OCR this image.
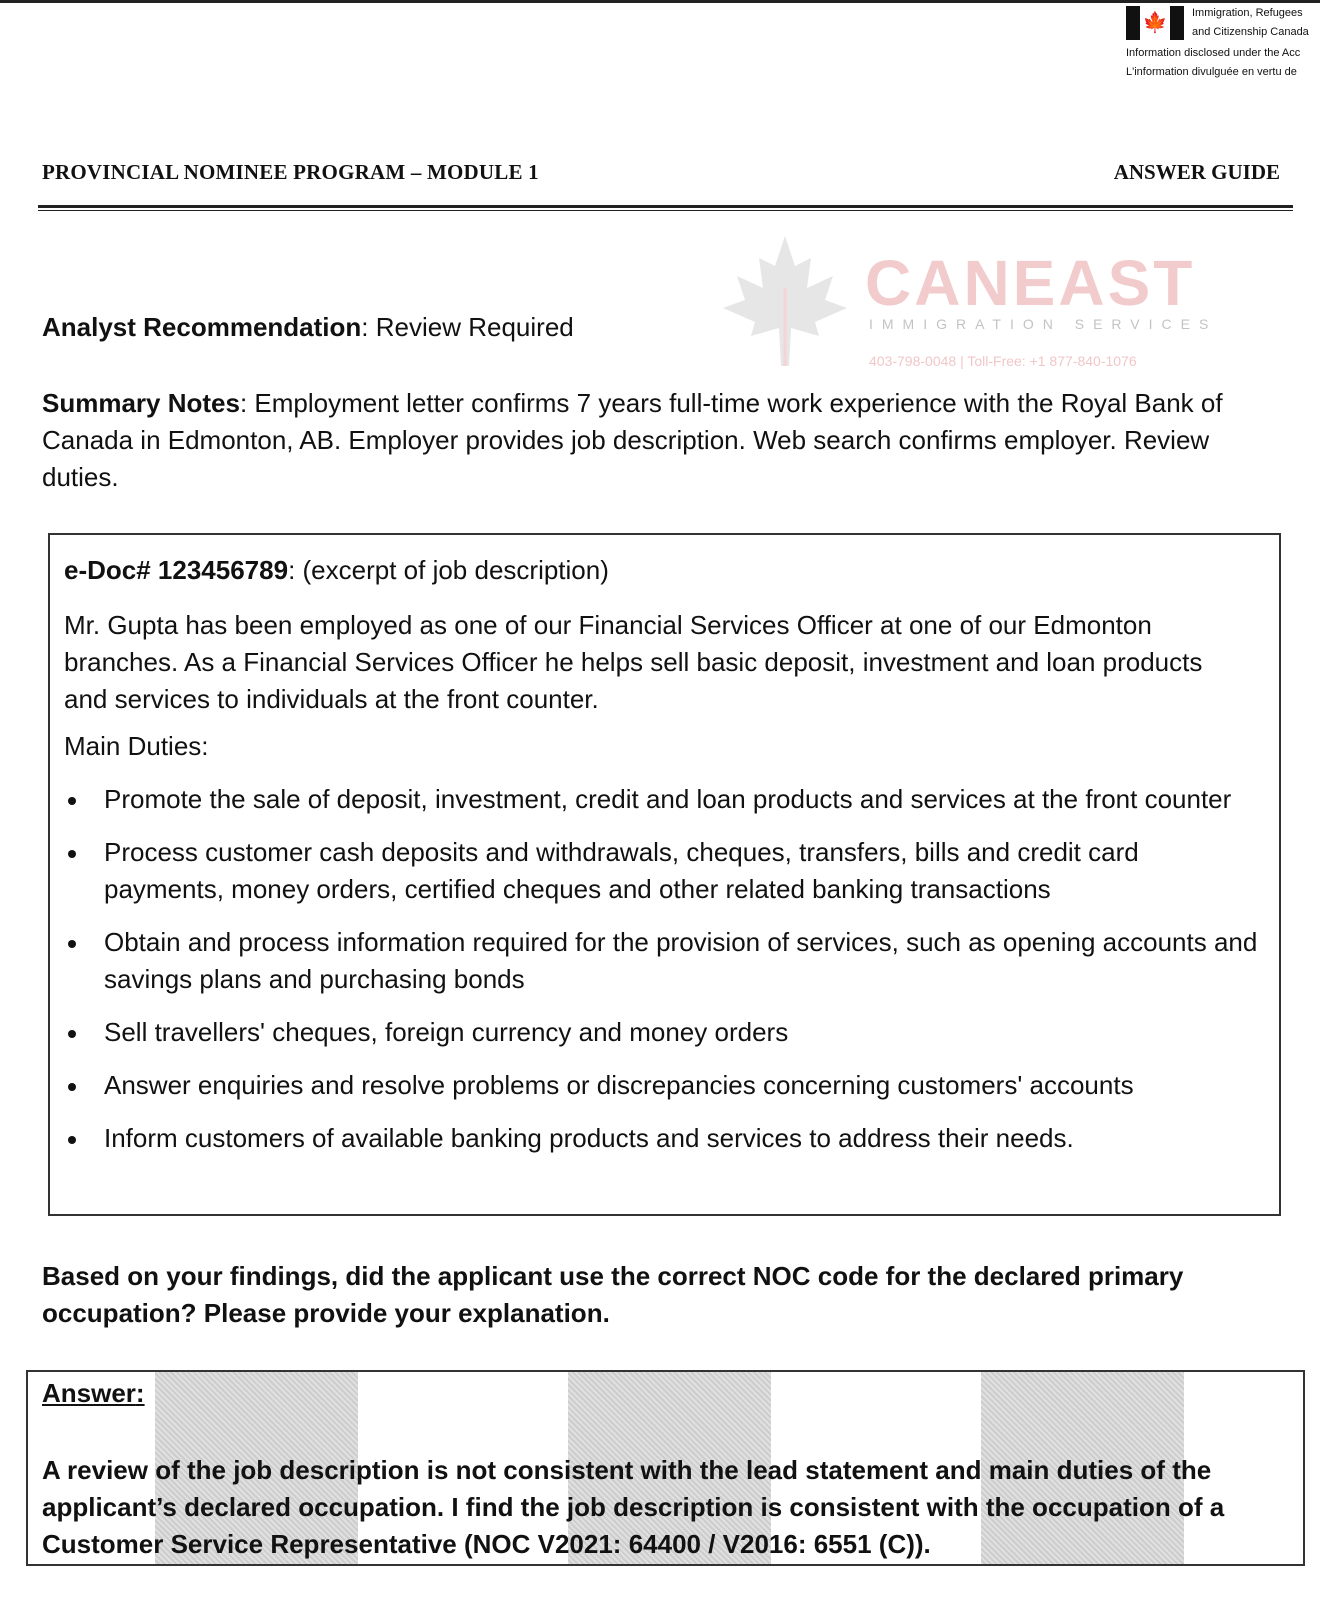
🍁 Immigration, Refugees
and Citizenship Canada
Information disclosed under the Acc
L'information divulguée en vertu de
PROVINCIAL NOMINEE PROGRAM – MODULE 1	ANSWER GUIDE
CANEAST
IMMIGRATION SERVICES
403-798-0048 | Toll-Free: +1 877-840-1076
Analyst Recommendation: Review Required
Summary Notes: Employment letter confirms 7 years full-time work experience with the Royal Bank of Canada in Edmonton, AB. Employer provides job description. Web search confirms employer. Review duties.
e-Doc# 123456789: (excerpt of job description)
Mr. Gupta has been employed as one of our Financial Services Officer at one of our Edmonton branches. As a Financial Services Officer he helps sell basic deposit, investment and loan products and services to individuals at the front counter.
Main Duties:
Promote the sale of deposit, investment, credit and loan products and services at the front counter
Process customer cash deposits and withdrawals, cheques, transfers, bills and credit card payments, money orders, certified cheques and other related banking transactions
Obtain and process information required for the provision of services, such as opening accounts and savings plans and purchasing bonds
Sell travellers' cheques, foreign currency and money orders
Answer enquiries and resolve problems or discrepancies concerning customers' accounts
Inform customers of available banking products and services to address their needs.
Based on your findings, did the applicant use the correct NOC code for the declared primary occupation? Please provide your explanation.
Answer:
A review of the job description is not consistent with the lead statement and main duties of the applicant’s declared occupation. I find the job description is consistent with the occupation of a Customer Service Representative (NOC V2021: 64400 / V2016: 6551 (C)).
